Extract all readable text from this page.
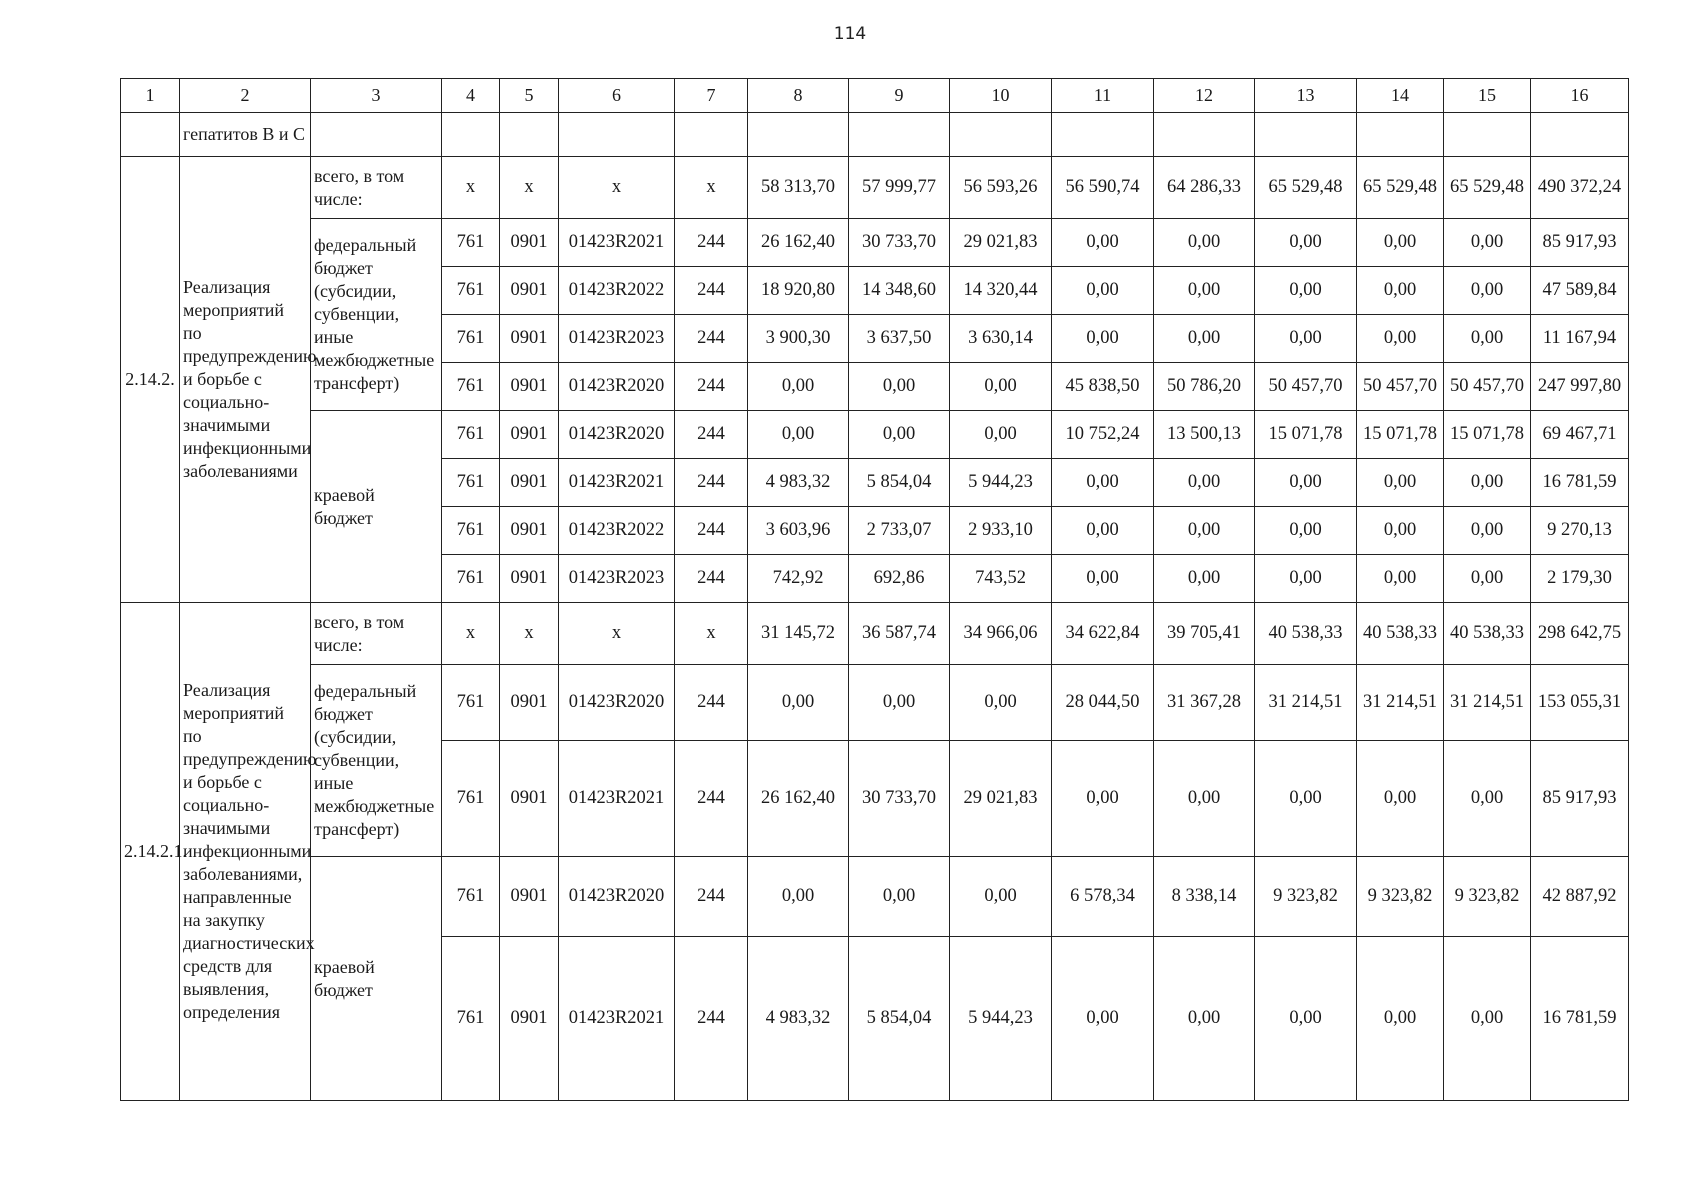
114
1	2	3	4	5	6	7	8	9	10	11	12	13	14	15	16
	гепатитов В и С														
2.14.2.	Реализация мероприятий по предупреждению и борьбе с социально-значимыми инфекционными заболеваниями	всего, в том числе:	x	x	x	x	58 313,70	57 999,77	56 593,26	56 590,74	64 286,33	65 529,48	65 529,48	65 529,48	490 372,24
		федеральный бюджет (субсидии, субвенции, иные межбюджетные трансферт)	761	0901	01423R2021	244	26 162,40	30 733,70	29 021,83	0,00	0,00	0,00	0,00	0,00	85 917,93
			761	0901	01423R2022	244	18 920,80	14 348,60	14 320,44	0,00	0,00	0,00	0,00	0,00	47 589,84
			761	0901	01423R2023	244	3 900,30	3 637,50	3 630,14	0,00	0,00	0,00	0,00	0,00	11 167,94
			761	0901	01423R2020	244	0,00	0,00	0,00	45 838,50	50 786,20	50 457,70	50 457,70	50 457,70	247 997,80
		краевой бюджет	761	0901	01423R2020	244	0,00	0,00	0,00	10 752,24	13 500,13	15 071,78	15 071,78	15 071,78	69 467,71
			761	0901	01423R2021	244	4 983,32	5 854,04	5 944,23	0,00	0,00	0,00	0,00	0,00	16 781,59
			761	0901	01423R2022	244	3 603,96	2 733,07	2 933,10	0,00	0,00	0,00	0,00	0,00	9 270,13
			761	0901	01423R2023	244	742,92	692,86	743,52	0,00	0,00	0,00	0,00	0,00	2 179,30
2.14.2.1.	Реализация мероприятий по предупреждению и борьбе с социально-значимыми инфекционными заболеваниями, направленные на закупку диагностических средств для выявления, определения	всего, в том числе:	x	x	x	x	31 145,72	36 587,74	34 966,06	34 622,84	39 705,41	40 538,33	40 538,33	40 538,33	298 642,75
		федеральный бюджет (субсидии, субвенции, иные межбюджетные трансферт)	761	0901	01423R2020	244	0,00	0,00	0,00	28 044,50	31 367,28	31 214,51	31 214,51	31 214,51	153 055,31
			761	0901	01423R2021	244	26 162,40	30 733,70	29 021,83	0,00	0,00	0,00	0,00	0,00	85 917,93
		краевой бюджет	761	0901	01423R2020	244	0,00	0,00	0,00	6 578,34	8 338,14	9 323,82	9 323,82	9 323,82	42 887,92
			761	0901	01423R2021	244	4 983,32	5 854,04	5 944,23	0,00	0,00	0,00	0,00	0,00	16 781,59
